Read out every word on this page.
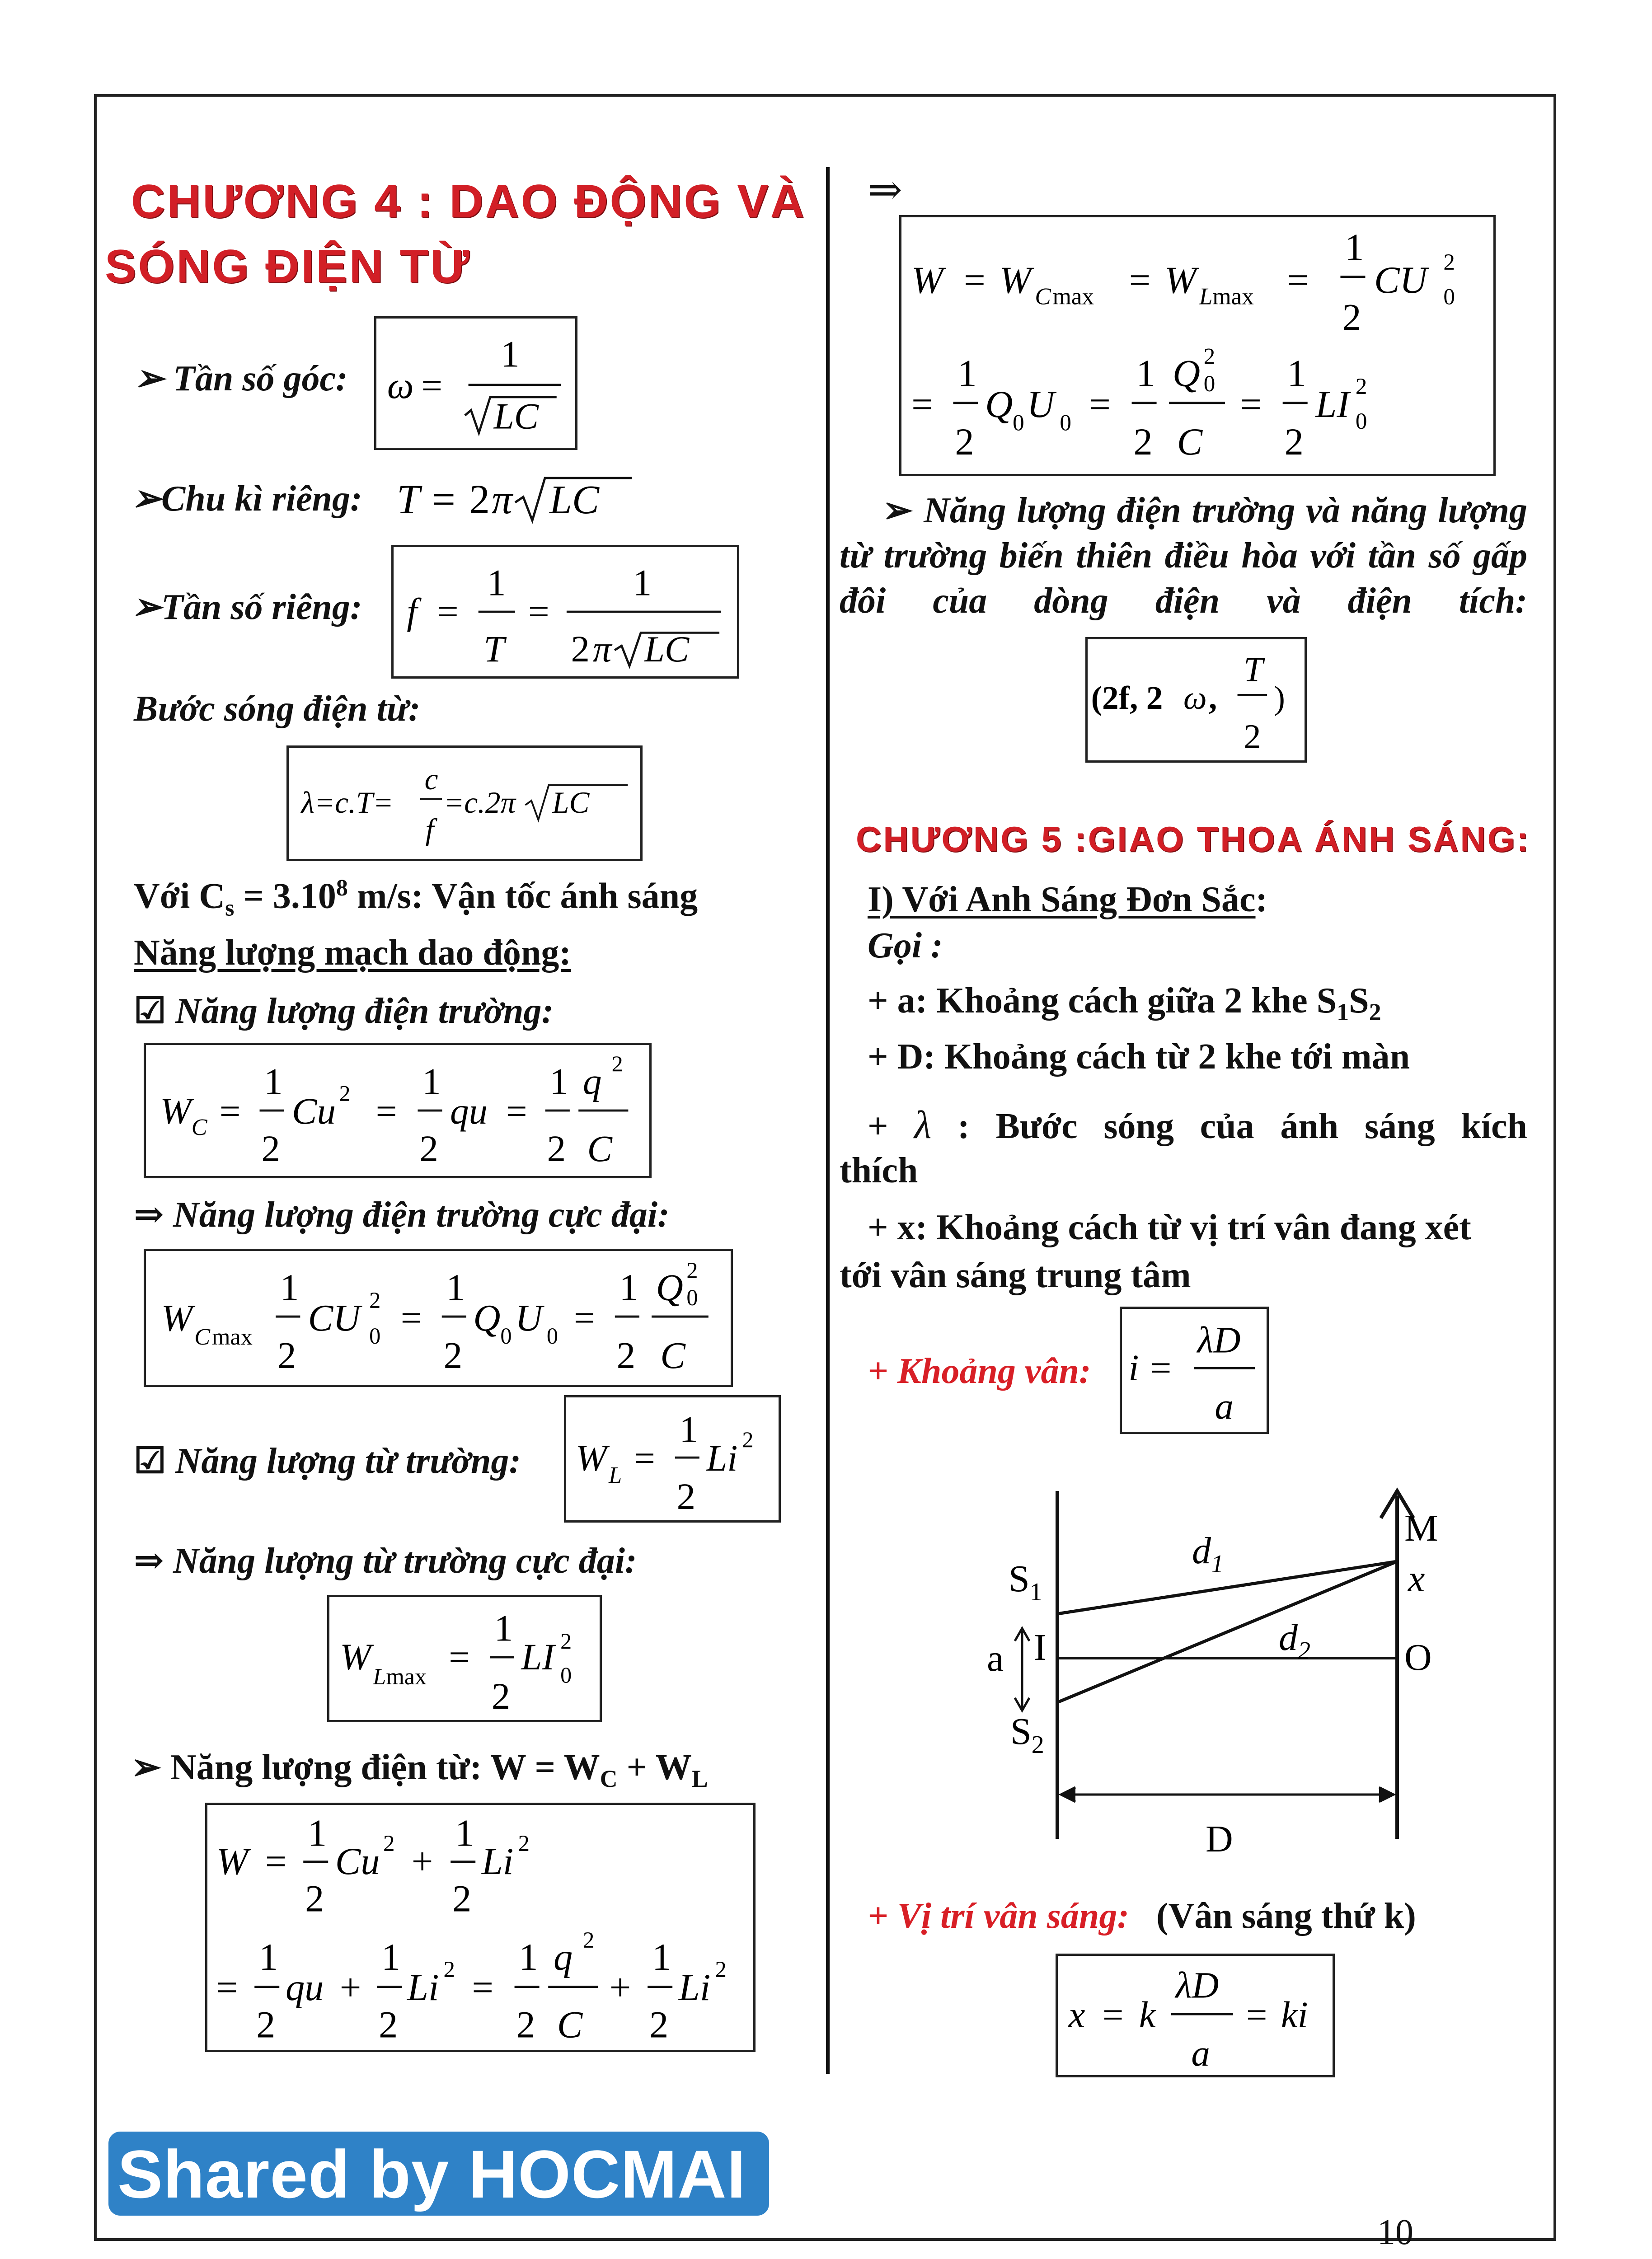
CHƯƠNG 4 : DAO ĐỘNG VÀ
SÓNG ĐIỆN TỪ
➢ Tần số góc: ω =
1
LC
➢Chu kì riêng: T = 2 π LC
➢Tần số riêng: f =
1
T
=
1
2 π LC
Bước sóng điện từ:
λ=c.T=
c
f
=c.2π LC
Với $C_s = 3.10^8$ m/s: Vận tốc ánh sáng
Năng lượng mạch dao động:
☑ Năng lượng điện trường:
W C =
1
2
Cu 2 =
1
2
qu =
1
2
q 2
C
⇒ Năng lượng điện trường cực đại:
W C max
1
2
CU 2
0 =
1
2
Q 0 U 0 =
1
2
Q 2
0
C
☑ Năng lượng từ trường: W L =
1
2
Li 2
⇒ Năng lượng từ trường cực đại:
W L max =
1
2
LI 2
0
➢ Năng lượng điện từ: $W = W_C + W_L$
W =
1
2
Cu 2 +
1
2
Li 2
=
1
2
qu +
1
2
Li 2 =
1
2
q 2
C
+
1
2
Li 2
⇒
W = W C max = W L max =
1
2
CU 2
0
=
1
2
Q 0 U 0 =
1
2
Q 2
0
C
=
1
2
LI 2
0
➢ Năng lượng điện trường và năng lượng từ trường biến thiên điều hòa với tần số gấp đôi của dòng điện và điện tích:
(2f, 2 ω ,
T
2
)
CHƯƠNG 5 :GIAO THOA ÁNH SÁNG:
I) Với Anh Sáng Đơn Sắc:
Gọi :
+ a: Khoảng cách giữa 2 khe $S_1S_2$
+ D: Khoảng cách từ 2 khe tới màn
+ λ : Bước sóng của ánh sáng kích
thích
+ x: Khoảng cách từ vị trí vân đang xét
tới vân sáng trung tâm
+ Khoảng vân: i =
λD
a
$S_1$
$S_2$
$d_1$
$d_2$
a I
M
x
O
D
+ Vị trí vân sáng: (Vân sáng thứ k)
x = k
λD
a
= ki
Shared by HOCMAI
10
